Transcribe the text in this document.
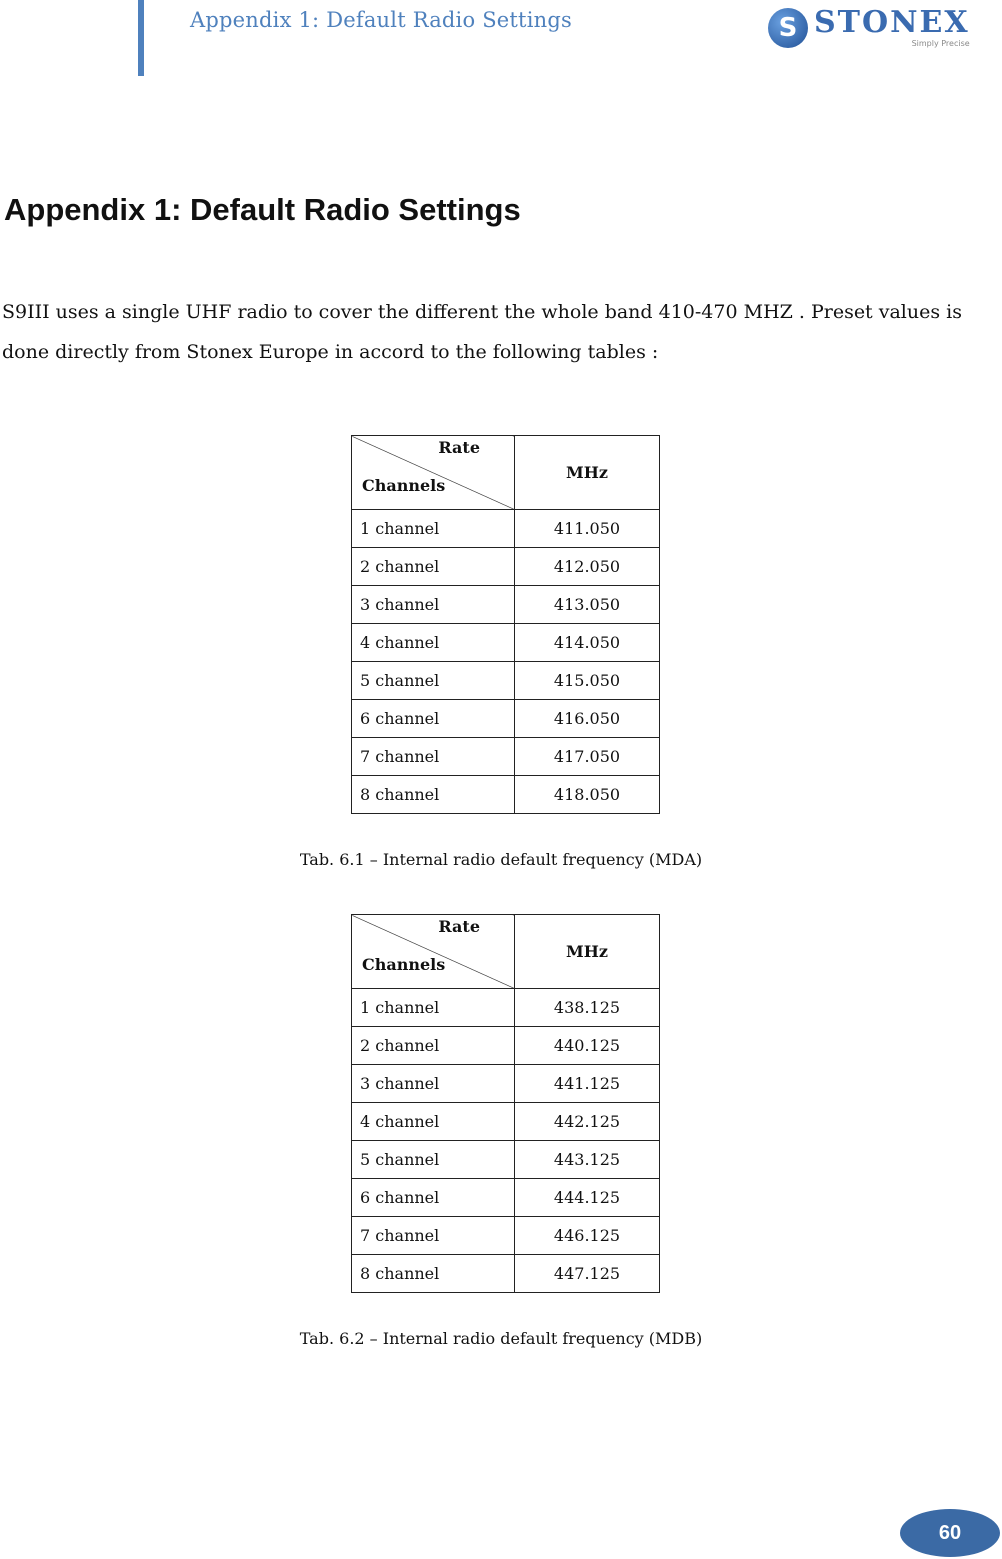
Appendix 1: Default Radio Settings	S STONEX
Simply Precise
Appendix 1: Default Radio Settings

S9III uses a single UHF radio to cover the different the whole band 410-470 MHZ . Preset values is done directly from Stonex Europe in accord to the following tables :

Rate
Channels	MHz
1 channel	411.050
2 channel	412.050
3 channel	413.050
4 channel	414.050
5 channel	415.050
6 channel	416.050
7 channel	417.050
8 channel	418.050
Tab. 6.1 – Internal radio default frequency (MDA)
Rate
Channels	MHz
1 channel	438.125
2 channel	440.125
3 channel	441.125
4 channel	442.125
5 channel	443.125
6 channel	444.125
7 channel	446.125
8 channel	447.125
Tab. 6.2 – Internal radio default frequency (MDB)
60
